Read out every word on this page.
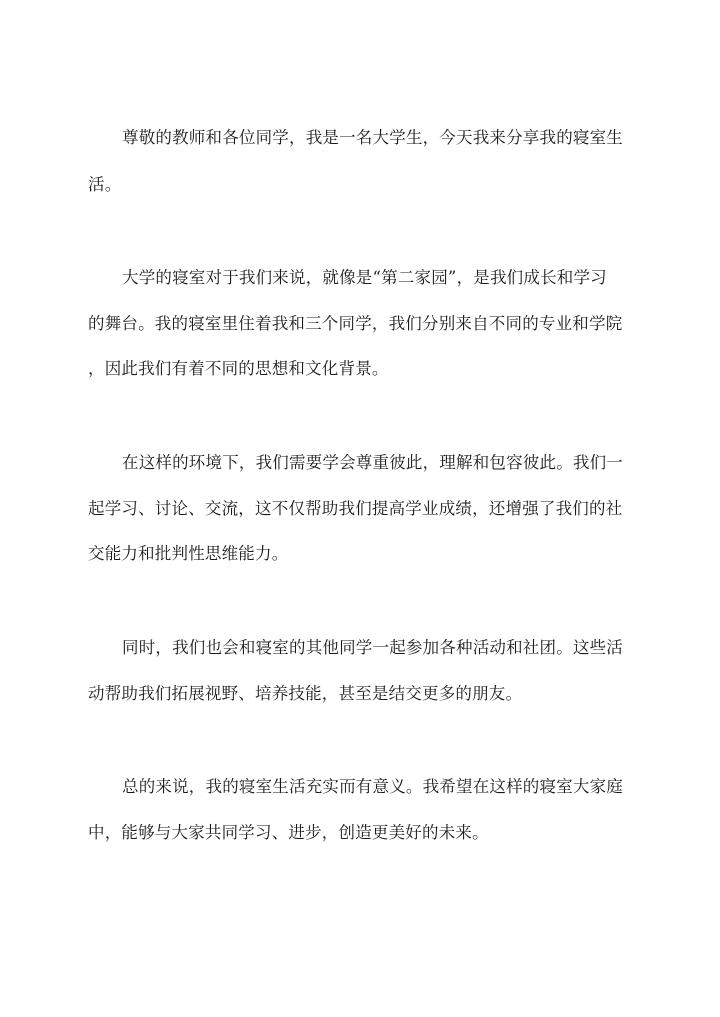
尊敬的教师和各位同学，我是一名大学生，今天我来分享我的寝室生
活。
大学的寝室对于我们来说，就像是“第二家园”，是我们成长和学习
的舞台。我的寝室里住着我和三个同学，我们分别来自不同的专业和学院
，因此我们有着不同的思想和文化背景。
在这样的环境下，我们需要学会尊重彼此，理解和包容彼此。我们一
起学习、讨论、交流，这不仅帮助我们提高学业成绩，还增强了我们的社
交能力和批判性思维能力。
同时，我们也会和寝室的其他同学一起参加各种活动和社团。这些活
动帮助我们拓展视野、培养技能，甚至是结交更多的朋友。
总的来说，我的寝室生活充实而有意义。我希望在这样的寝室大家庭
中，能够与大家共同学习、进步，创造更美好的未来。
